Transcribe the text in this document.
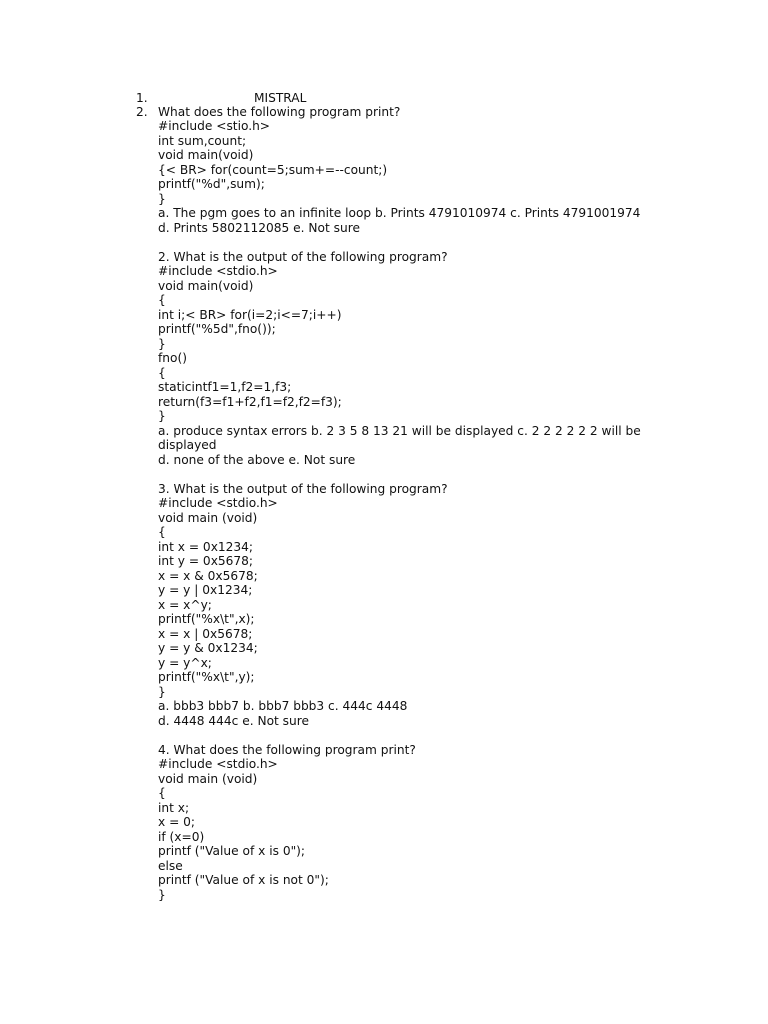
1.	MISTRAL
2. What does the following program print?
#include <stio.h>
int sum,count;
void main(void)
{< BR> for(count=5;sum+=--count;)
printf("%d",sum);
}
a. The pgm goes to an infinite loop b. Prints 4791010974 c. Prints 4791001974
d. Prints 5802112085 e. Not sure
2. What is the output of the following program?
#include <stdio.h>
void main(void)
{
int i;< BR> for(i=2;i<=7;i++)
printf("%5d",fno());
}
fno()
{
staticintf1=1,f2=1,f3;
return(f3=f1+f2,f1=f2,f2=f3);
}
a. produce syntax errors b. 2 3 5 8 13 21 will be displayed c. 2 2 2 2 2 2 will be displayed
d. none of the above e. Not sure
3. What is the output of the following program?
#include <stdio.h>
void main (void)
{
int x = 0x1234;
int y = 0x5678;
x = x & 0x5678;
y = y | 0x1234;
x = x^y;
printf("%x\t",x);
x = x | 0x5678;
y = y & 0x1234;
y = y^x;
printf("%x\t",y);
}
a. bbb3 bbb7 b. bbb7 bbb3 c. 444c 4448
d. 4448 444c e. Not sure
4. What does the following program print?
#include <stdio.h>
void main (void)
{
int x;
x = 0;
if (x=0)
printf ("Value of x is 0");
else
printf ("Value of x is not 0");
}
